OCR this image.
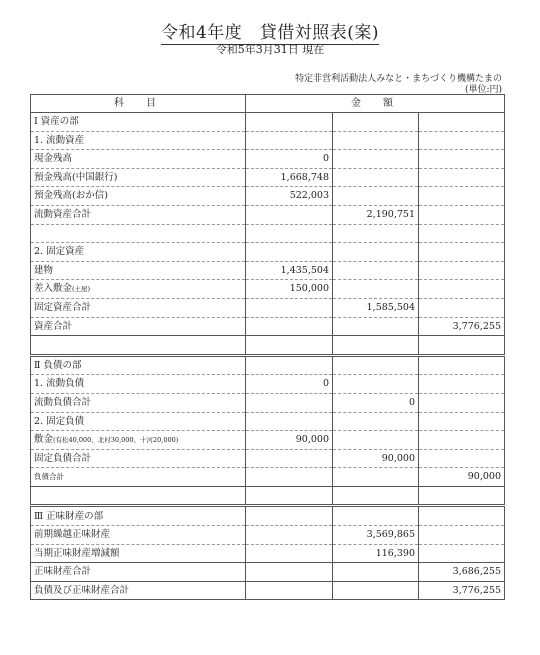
令和4年度　貸借対照表(案)
令和5年3月31日 現在
特定非営利活動法人みなと・まちづくり機構たまの
(単位:円)
科　目	金　額		
Ⅰ 資産の部			
1. 流動資産			
現金残高	0		
預金残高(中国銀行)	1,668,748		
預金残高(おか信)	522,003		
流動資産合計		2,190,751	

2. 固定資産			
建物	1,435,504		
差入敷金(土屋)	150,000		
固定資産合計		1,585,504	
資産合計			3,776,255

Ⅱ 負債の部			
1. 流動負債	0		
流動負債合計		0	
2. 固定負債			
敷金(有松40,000、北村30,000、十河20,000)	90,000		
固定負債合計		90,000	
負債合計			90,000

Ⅲ 正味財産の部			
前期繰越正味財産		3,569,865	
当期正味財産増減額		116,390	
正味財産合計			3,686,255
負債及び正味財産合計			3,776,255
